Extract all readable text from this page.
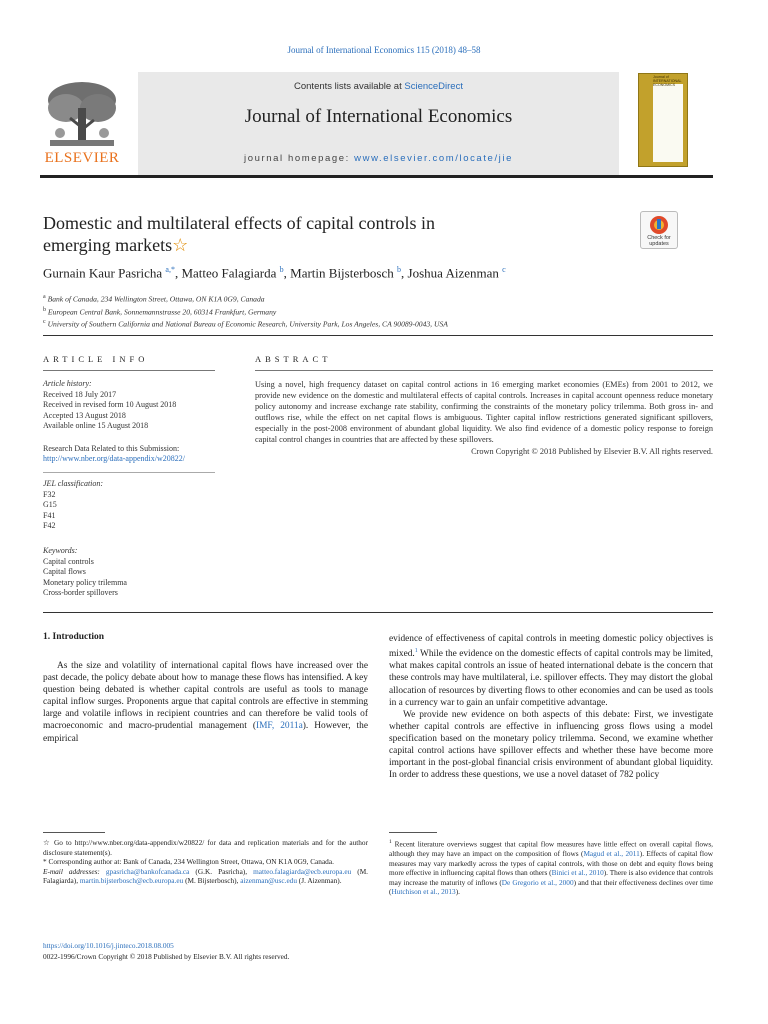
Journal of International Economics 115 (2018) 48–58
ELSEVIER
Contents lists available at ScienceDirect
Journal of International Economics
journal homepage: www.elsevier.com/locate/jie
Journal of INTERNATIONAL ECONOMICS
Domestic and multilateral effects of capital controls in
emerging markets☆	Check for updates
Gurnain Kaur Pasricha $^{a,*}$, Matteo Falagiarda $^b$, Martin Bijsterbosch $^b$, Joshua Aizenman $^c$
$^a$ Bank of Canada, 234 Wellington Street, Ottawa, ON K1A 0G9, Canada
$^b$ European Central Bank, Sonnemannstrasse 20, 60314 Frankfurt, Germany
$^c$ University of Southern California and National Bureau of Economic Research, University Park, Los Angeles, CA 90089-0043, USA
ARTICLE INFO
Article history:
Received 18 July 2017
Received in revised form 10 August 2018
Accepted 13 August 2018
Available online 15 August 2018
Research Data Related to this Submission:
http://www.nber.org/data-appendix/w20822/
JEL classification:
F32
G15
F41
F42
Keywords:
Capital controls
Capital flows
Monetary policy trilemma
Cross-border spillovers
ABSTRACT
Using a novel, high frequency dataset on capital control actions in 16 emerging market economies (EMEs) from 2001 to 2012, we provide new evidence on the domestic and multilateral effects of capital controls. Increases in capital account openness reduce monetary policy autonomy and increase exchange rate stability, confirming the constraints of the monetary policy trilemma. Both gross in- and outflows rise, while the effect on net capital flows is ambiguous. Tighter capital inflow restrictions generated significant spillovers, especially in the post-2008 environment of abundant global liquidity. We also find evidence of a domestic policy response to foreign capital control changes in countries that are affected by these spillovers.
Crown Copyright © 2018 Published by Elsevier B.V. All rights reserved.
1. Introduction

As the size and volatility of international capital flows have increased over the past decade, the policy debate about how to manage these flows has intensified. A key question being debated is whether capital controls are useful as tools to manage capital inflow surges. Proponents argue that capital controls are effective in stemming large and volatile inflows in recipient countries and can therefore be valid tools of macroeconomic and macro-prudential management (IMF, 2011a). However, the empirical

evidence of effectiveness of capital controls in meeting domestic policy objectives is mixed.$^1$ While the evidence on the domestic effects of capital controls may be limited, what makes capital controls an issue of heated international debate is the concern that these controls may have multilateral, i.e. spillover effects. They may distort the global allocation of resources by diverting flows to other economies and can be used as tools in a currency war to gain an unfair competitive advantage.

We provide new evidence on both aspects of this debate: First, we investigate whether capital controls are effective in influencing gross flows using a model specification based on the monetary policy trilemma. Second, we examine whether capital control actions have spillover effects and whether these have become more important in the post-global financial crisis environment of abundant global liquidity. In order to address these questions, we use a novel dataset of 782 policy

☆ Go to http://www.nber.org/data-appendix/w20822/ for data and replication materials and for the author disclosure statement(s).
* Corresponding author at: Bank of Canada, 234 Wellington Street, Ottawa, ON K1A 0G9, Canada.
E-mail addresses: gpasricha@bankofcanada.ca (G.K. Pasricha), matteo.falagiarda@ecb.europa.eu (M. Falagiarda), martin.bijsterbosch@ecb.europa.eu (M. Bijsterbosch), aizenman@usc.edu (J. Aizenman).
$^1$ Recent literature overviews suggest that capital flow measures have little effect on overall capital flows, although they may have an impact on the composition of flows (Magud et al., 2011). Effects of capital flow measures may vary markedly across the types of capital controls, with those on debt and equity flows being more effective in influencing capital flows than others (Binici et al., 2010). There is also evidence that controls may increase the maturity of inflows (De Gregorio et al., 2000) and that their effectiveness declines over time (Hutchison et al., 2013).
https://doi.org/10.1016/j.jinteco.2018.08.005
0022-1996/Crown Copyright © 2018 Published by Elsevier B.V. All rights reserved.
